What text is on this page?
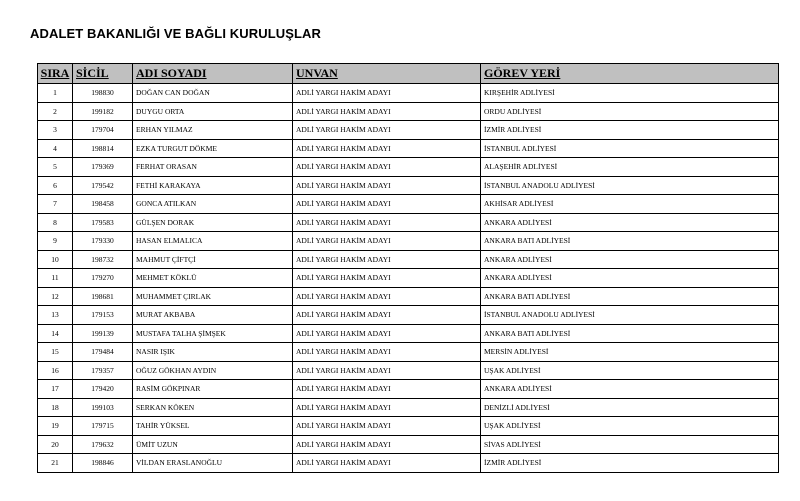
ADALET BAKANLIĞI VE BAĞLI KURULUŞLAR
SIRA	SİCİL	ADI SOYADI	UNVAN	GÖREV YERİ
1	198830	DOĞAN CAN DOĞAN	ADLİ YARGI HAKİM ADAYI	KIRŞEHİR ADLİYESİ
2	199182	DUYGU ORTA	ADLİ YARGI HAKİM ADAYI	ORDU ADLİYESİ
3	179704	ERHAN YILMAZ	ADLİ YARGI HAKİM ADAYI	İZMİR ADLİYESİ
4	198814	EZKA TURGUT DÖKME	ADLİ YARGI HAKİM ADAYI	İSTANBUL ADLİYESİ
5	179369	FERHAT ORASAN	ADLİ YARGI HAKİM ADAYI	ALAŞEHİR ADLİYESİ
6	179542	FETHİ KARAKAYA	ADLİ YARGI HAKİM ADAYI	İSTANBUL ANADOLU ADLİYESİ
7	198458	GONCA ATILKAN	ADLİ YARGI HAKİM ADAYI	AKHİSAR ADLİYESİ
8	179583	GÜLŞEN DORAK	ADLİ YARGI HAKİM ADAYI	ANKARA ADLİYESİ
9	179330	HASAN ELMALICA	ADLİ YARGI HAKİM ADAYI	ANKARA BATI ADLİYESİ
10	198732	MAHMUT ÇİFTÇİ	ADLİ YARGI HAKİM ADAYI	ANKARA ADLİYESİ
11	179270	MEHMET KÖKLÜ	ADLİ YARGI HAKİM ADAYI	ANKARA ADLİYESİ
12	198681	MUHAMMET ÇIRLAK	ADLİ YARGI HAKİM ADAYI	ANKARA BATI ADLİYESİ
13	179153	MURAT AKBABA	ADLİ YARGI HAKİM ADAYI	İSTANBUL ANADOLU ADLİYESİ
14	199139	MUSTAFA TALHA ŞİMŞEK	ADLİ YARGI HAKİM ADAYI	ANKARA BATI ADLİYESİ
15	179484	NASIR IŞIK	ADLİ YARGI HAKİM ADAYI	MERSİN ADLİYESİ
16	179357	OĞUZ GÖKHAN AYDIN	ADLİ YARGI HAKİM ADAYI	UŞAK ADLİYESİ
17	179420	RASİM GÖKPINAR	ADLİ YARGI HAKİM ADAYI	ANKARA ADLİYESİ
18	199103	SERKAN KÖKEN	ADLİ YARGI HAKİM ADAYI	DENİZLİ ADLİYESİ
19	179715	TAHİR YÜKSEL	ADLİ YARGI HAKİM ADAYI	UŞAK ADLİYESİ
20	179632	ÜMİT UZUN	ADLİ YARGI HAKİM ADAYI	SİVAS ADLİYESİ
21	198846	VİLDAN ERASLANOĞLU	ADLİ YARGI HAKİM ADAYI	İZMİR ADLİYESİ
